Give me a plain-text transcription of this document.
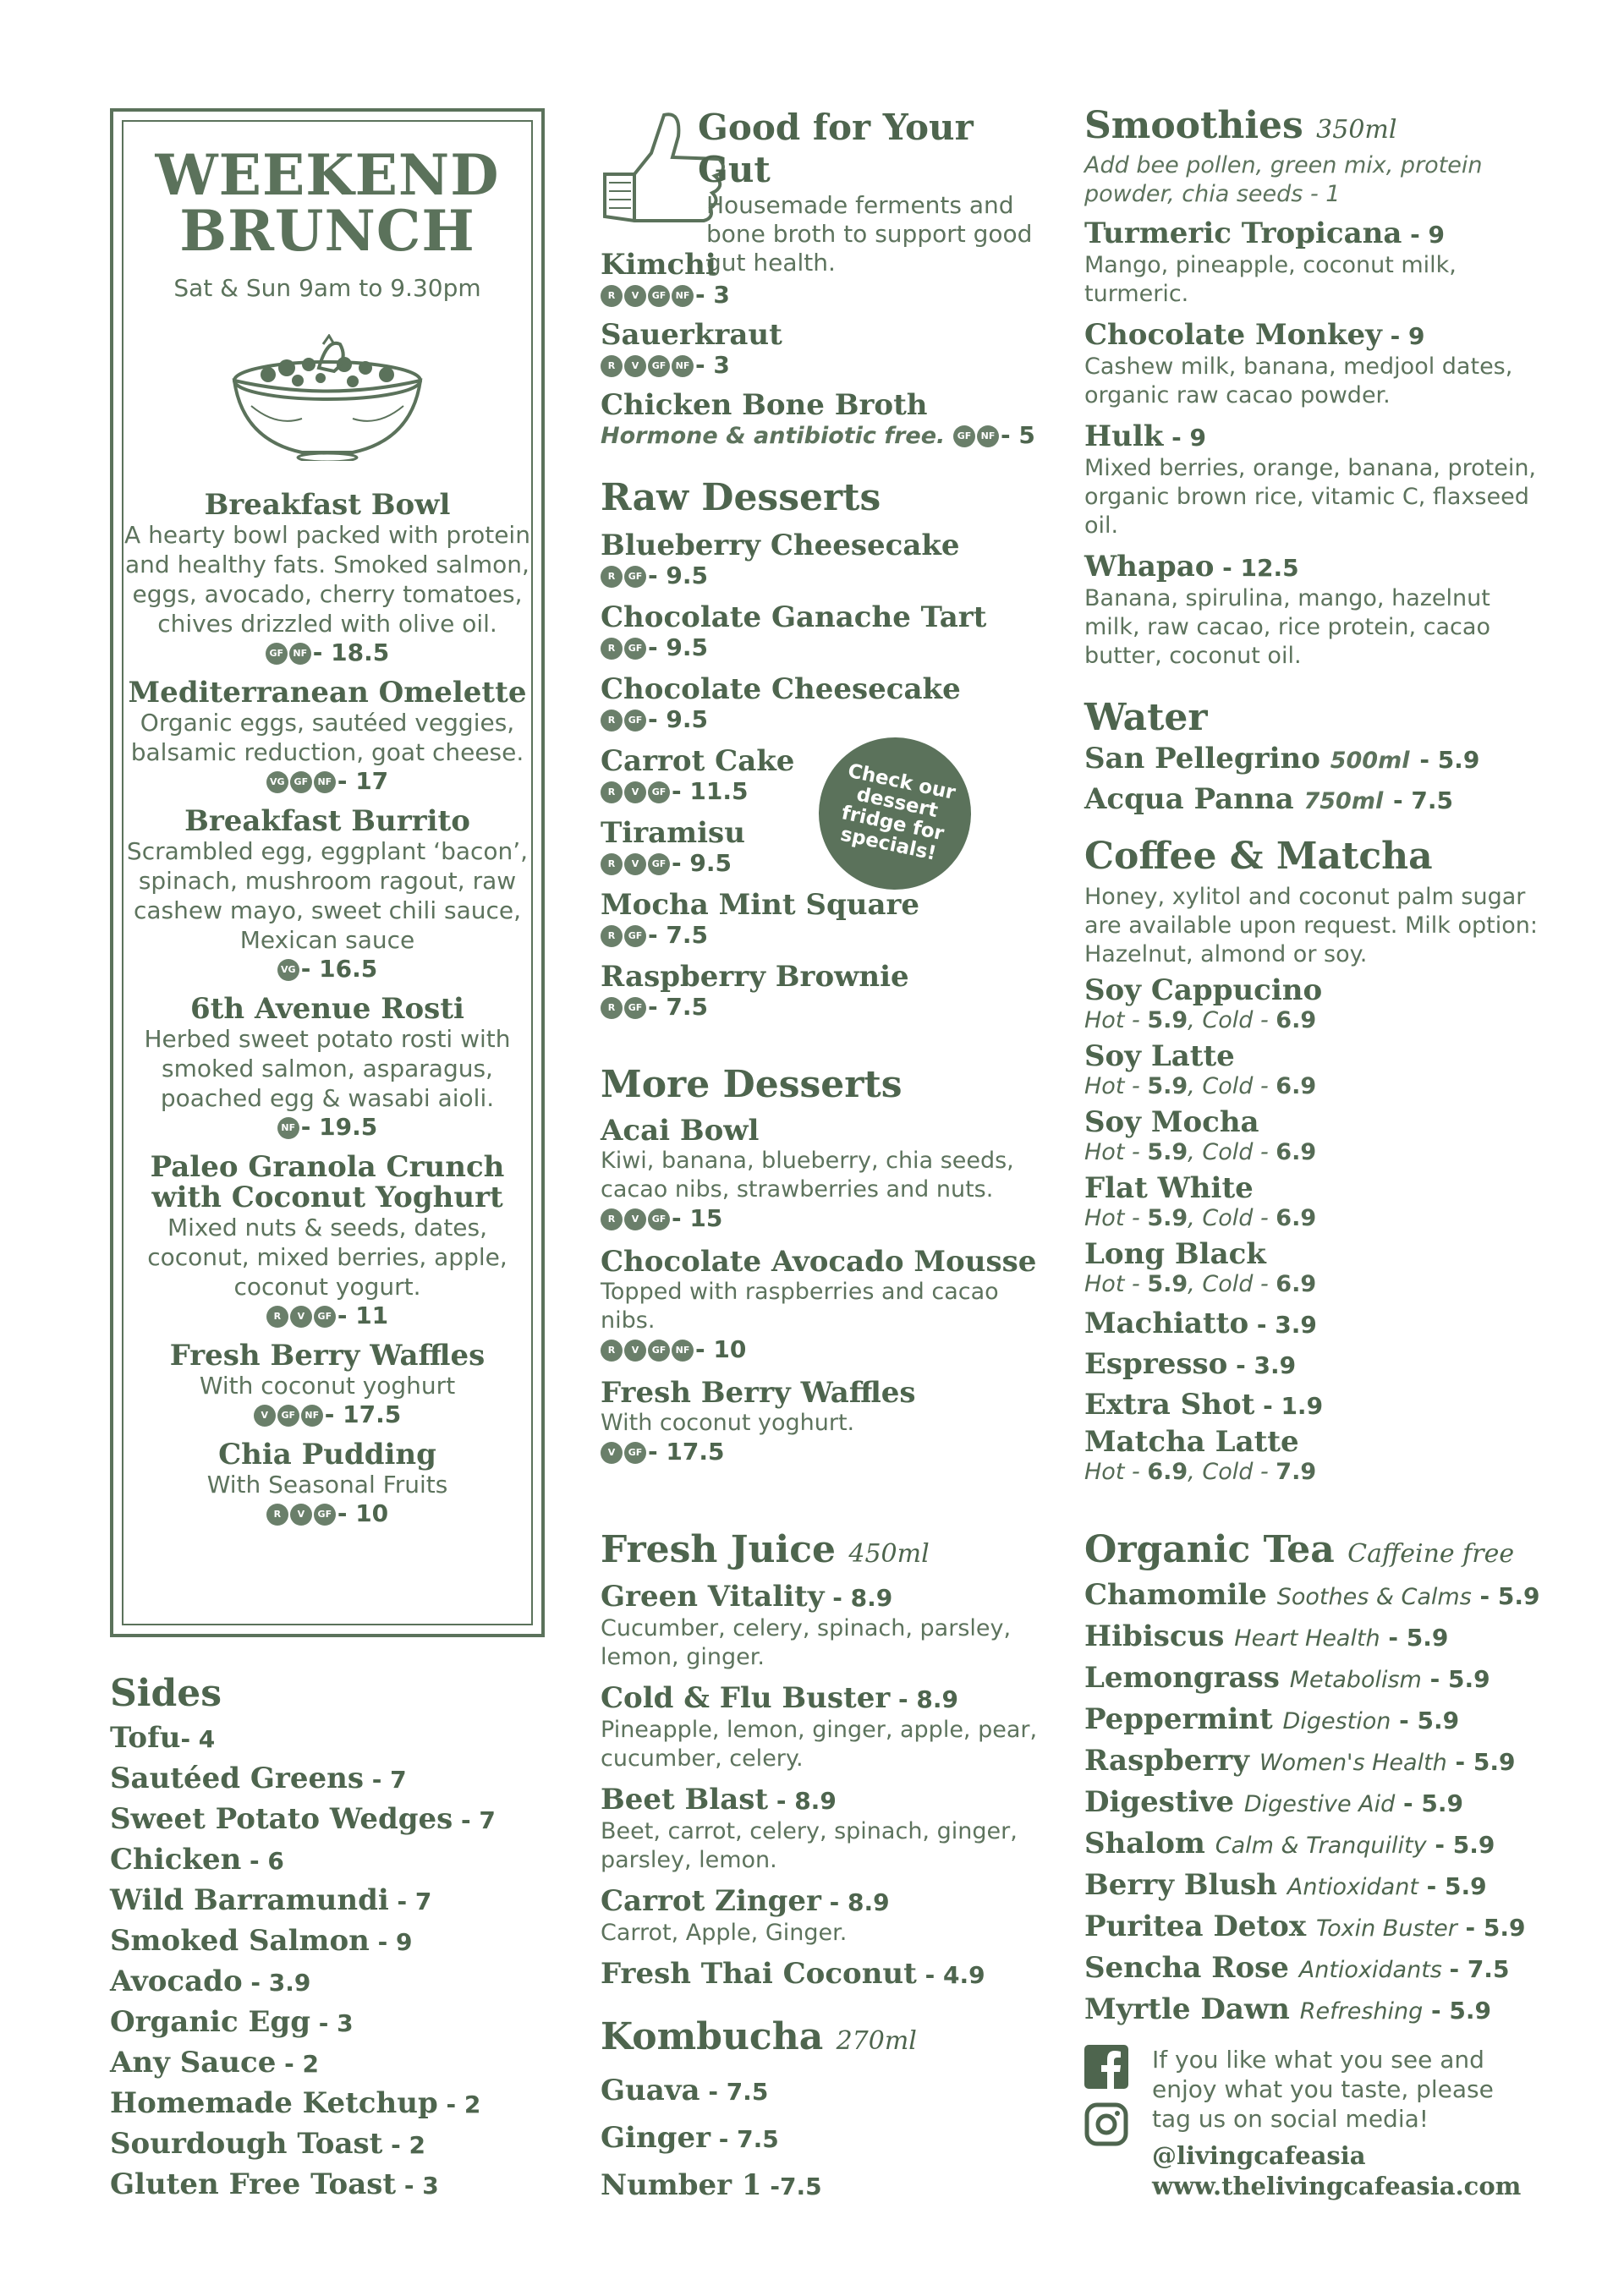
WEEKEND
BRUNCH
Sat & Sun 9am to 9.30pm
Breakfast Bowl
A hearty bowl packed with protein and healthy fats. Smoked salmon, eggs, avocado, cherry tomatoes, chives drizzled with olive oil.
GF NF - 18.5
Mediterranean Omelette
Organic eggs, sautéed veggies, balsamic reduction, goat cheese.
VG GF NF - 17
Breakfast Burrito
Scrambled egg, eggplant ‘bacon’, spinach, mushroom ragout, raw cashew mayo, sweet chili sauce, Mexican sauce
VG - 16.5
6th Avenue Rosti
Herbed sweet potato rosti with smoked salmon, asparagus, poached egg & wasabi aioli.
NF - 19.5
Paleo Granola Crunch with Coconut Yoghurt
Mixed nuts & seeds, dates, coconut, mixed berries, apple, coconut yogurt.
R V GF - 11
Fresh Berry Waffles
With coconut yoghurt
V GF NF - 17.5
Chia Pudding
With Seasonal Fruits
R V GF - 10
Sides
Tofu- 4
Sautéed Greens - 7
Sweet Potato Wedges - 7
Chicken - 6
Wild Barramundi - 7
Smoked Salmon - 9
Avocado - 3.9
Organic Egg - 3
Any Sauce - 2
Homemade Ketchup - 2
Sourdough Toast - 2
Gluten Free Toast - 3
Good for Your Gut
Housemade ferments and bone broth to support good gut health.
Kimchi
R V GF NF - 3
Sauerkraut
R V GF NF - 3
Chicken Bone Broth
Hormone & antibiotic free. GF NF - 5
Raw Desserts
Blueberry Cheesecake
R GF - 9.5
Chocolate Ganache Tart
R GF - 9.5
Chocolate Cheesecake
R GF - 9.5
Carrot Cake
R V GF - 11.5
Tiramisu
R V GF - 9.5
Mocha Mint Square
R GF - 7.5
Raspberry Brownie
R GF - 7.5
Check our dessert fridge for specials!
More Desserts
Acai Bowl
Kiwi, banana, blueberry, chia seeds, cacao nibs, strawberries and nuts.
R V GF - 15
Chocolate Avocado Mousse
Topped with raspberries and cacao nibs.
R V GF NF - 10
Fresh Berry Waffles
With coconut yoghurt.
V GF - 17.5
Fresh Juice 450ml
Green Vitality - 8.9
Cucumber, celery, spinach, parsley, lemon, ginger.
Cold & Flu Buster - 8.9
Pineapple, lemon, ginger, apple, pear, cucumber, celery.
Beet Blast - 8.9
Beet, carrot, celery, spinach, ginger, parsley, lemon.
Carrot Zinger - 8.9
Carrot, Apple, Ginger.
Fresh Thai Coconut - 4.9
Kombucha 270ml
Guava - 7.5
Ginger - 7.5
Number 1 -7.5
Smoothies 350ml
Add bee pollen, green mix, protein powder, chia seeds - 1
Turmeric Tropicana - 9
Mango, pineapple, coconut milk, turmeric.
Chocolate Monkey - 9
Cashew milk, banana, medjool dates, organic raw cacao powder.
Hulk - 9
Mixed berries, orange, banana, protein, organic brown rice, vitamic C, flaxseed oil.
Whapao - 12.5
Banana, spirulina, mango, hazelnut milk, raw cacao, rice protein, cacao butter, coconut oil.
Water
San Pellegrino 500ml - 5.9
Acqua Panna 750ml - 7.5
Coffee & Matcha
Honey, xylitol and coconut palm sugar are available upon request. Milk option: Hazelnut, almond or soy.
Soy Cappucino
Hot - 5.9, Cold - 6.9
Soy Latte
Hot - 5.9, Cold - 6.9
Soy Mocha
Hot - 5.9, Cold - 6.9
Flat White
Hot - 5.9, Cold - 6.9
Long Black
Hot - 5.9, Cold - 6.9
Machiatto - 3.9
Espresso - 3.9
Extra Shot - 1.9
Matcha Latte
Hot - 6.9, Cold - 7.9
Organic Tea Caffeine free
Chamomile Soothes & Calms - 5.9
Hibiscus Heart Health - 5.9
Lemongrass Metabolism - 5.9
Peppermint Digestion - 5.9
Raspberry Women's Health - 5.9
Digestive Digestive Aid - 5.9
Shalom Calm & Tranquility - 5.9
Berry Blush Antioxidant - 5.9
Puritea Detox Toxin Buster - 5.9
Sencha Rose Antioxidants - 7.5
Myrtle Dawn Refreshing - 5.9
If you like what you see and enjoy what you taste, please tag us on social media!
@livingcafeasia
www.thelivingcafeasia.com
